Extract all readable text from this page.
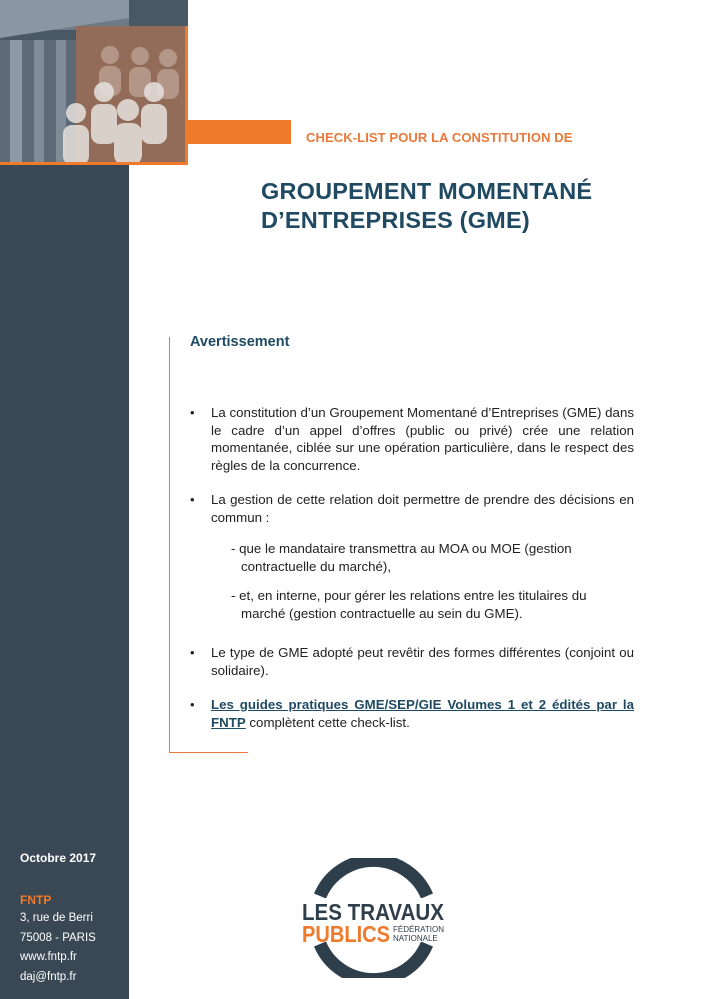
CHECK-LIST POUR LA CONSTITUTION DE
GROUPEMENT MOMENTANÉ
D’ENTREPRISES (GME)
Avertissement
• La constitution d’un Groupement Momentané d’Entreprises (GME) dans le cadre d’un appel d’offres (public ou privé) crée une relation momentanée, ciblée sur une opération particulière, dans le respect des règles de la concurrence.
• La gestion de cette relation doit permettre de prendre des décisions en commun :
- que le mandataire transmettra au MOA ou MOE (gestion contractuelle du marché),
- et, en interne, pour gérer les relations entre les titulaires du marché (gestion contractuelle au sein du GME).
• Le type de GME adopté peut revêtir des formes différentes (conjoint ou solidaire).
• Les guides pratiques GME/SEP/GIE Volumes 1 et 2 édités par la FNTP complètent cette check-list.
Octobre 2017
FNTP
3, rue de Berri
75008 - PARIS
www.fntp.fr
daj@fntp.fr
LES TRAVAUX
PUBLICS FÉDÉRATION
NATIONALE
